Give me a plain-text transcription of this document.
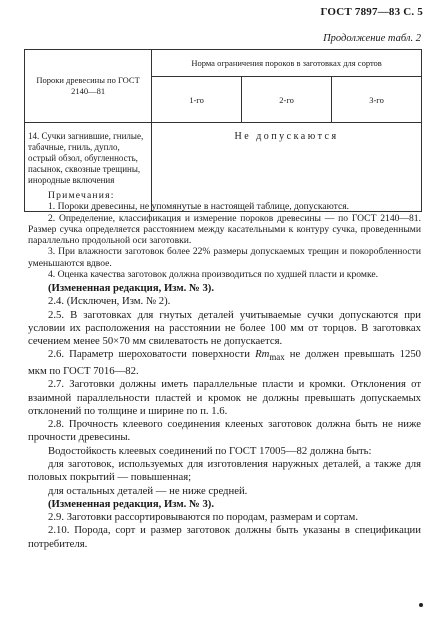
ГОСТ 7897—83 С. 5
Продолжение табл. 2
Пороки древесины по ГОСТ 2140—81	Норма ограничения пороков в заготовках для сортов		
	1-го	2-го	3-го
14. Сучки загнившие, гнилые, табачные, гниль, дупло, острый обзол, обугленность, пасынок, сквозные трещины, инородные включения	Не допускаются		
Примечания:
1. Пороки древесины, не упомянутые в настоящей таблице, допускаются.
2. Определение, классификация и измерение пороков древесины — по ГОСТ 2140—81. Размер сучка определяется расстоянием между касательными к контуру сучка, проведенными параллельно продольной оси заготовки.
3. При влажности заготовок более 22% размеры допускаемых трещин и покоробленности уменьшаются вдвое.
4. Оценка качества заготовок должна производиться по худшей пласти и кромке.

(Измененная редакция, Изм. № 3).

2.4. (Исключен, Изм. № 2).

2.5. В заготовках для гнутых деталей учитываемые сучки допускаются при условии их расположения на расстоянии не более 100 мм от торцов. В заготовках сечением менее 50×70 мм свилеватость не допускается.

2.6. Параметр шероховатости поверхности $Rm_{max}$ не должен превышать 1250 мкм по ГОСТ 7016—82.

2.7. Заготовки должны иметь параллельные пласти и кромки. Отклонения от взаимной параллельности пластей и кромок не должны превышать допускаемых отклонений по толщине и ширине по п. 1.6.

2.8. Прочность клеевого соединения клееных заготовок должна быть не ниже прочности древесины.

Водостойкость клеевых соединений по ГОСТ 17005—82 должна быть:

для заготовок, используемых для изготовления наружных деталей, а также для половых покрытий — повышенная;

для остальных деталей — не ниже средней.

(Измененная редакция, Изм. № 3).

2.9. Заготовки рассортировываются по породам, размерам и сортам.

2.10. Порода, сорт и размер заготовок должны быть указаны в спецификации потребителя.
